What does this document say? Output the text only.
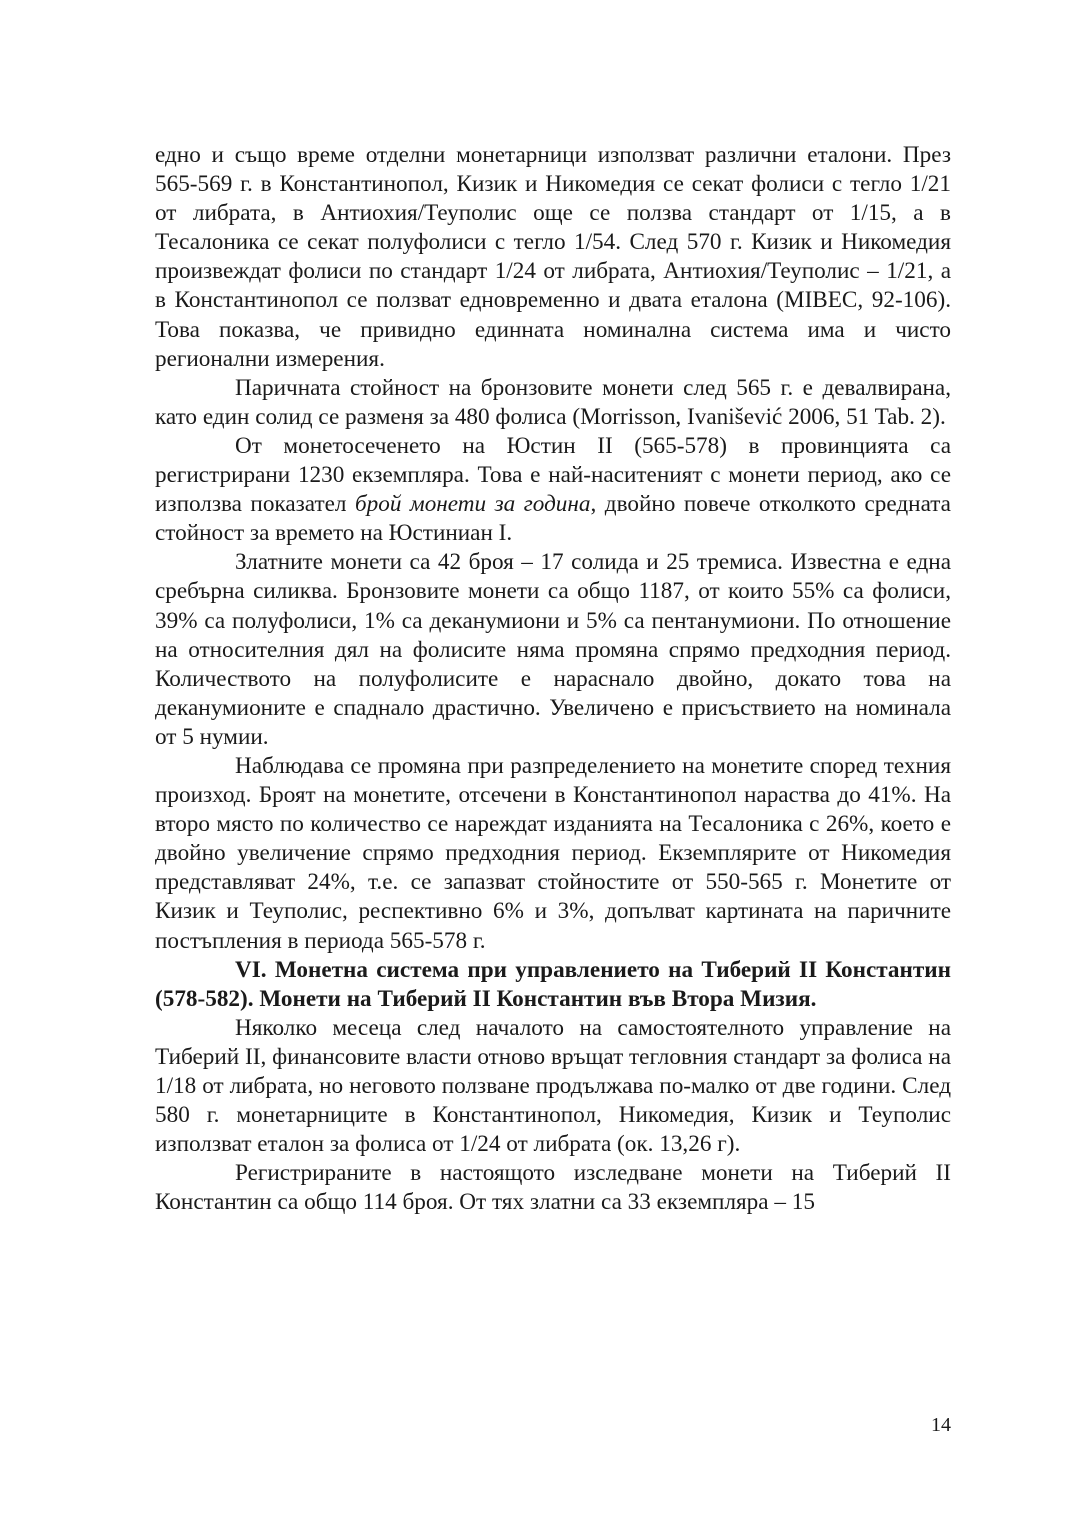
едно и също време отделни монетарници използват различни еталони. През 565-569 г. в Константинопол, Кизик и Никомедия се секат фолиси с тегло 1/21 от либрата, в Антиохия/Теуполис още се ползва стандарт от 1/15, а в Тесалоника се секат полуфолиси с тегло 1/54. След 570 г. Кизик и Никомедия произвеждат фолиси по стандарт 1/24 от либрата, Антиохия/Теуполис – 1/21, а в Константинопол се ползват едновременно и двата еталона (MIBEC, 92-106). Това показва, че привидно единната номинална система има и чисто регионални измерения.

Паричната стойност на бронзовите монети след 565 г. е девалвирана, като един солид се разменя за 480 фолиса (Morrisson, Ivanišević 2006, 51 Tab. 2).

От монетосеченето на Юстин II (565-578) в провинцията са регистрирани 1230 екземпляра. Това е най-наситеният с монети период, ако се използва показател брой монети за година, двойно повече отколкото средната стойност за времето на Юстиниан I.

Златните монети са 42 броя – 17 солида и 25 тремиса. Известна е една сребърна силиква. Бронзовите монети са общо 1187, от които 55% са фолиси, 39% са полуфолиси, 1% са деканумиони и 5% са пентанумиони. По отношение на относителния дял на фолисите няма промяна спрямо предходния период. Количеството на полуфолисите е нараснало двойно, докато това на деканумионите е спаднало драстично. Увеличено е присъствието на номинала от 5 нумии.

Наблюдава се промяна при разпределението на монетите според техния произход. Броят на монетите, отсечени в Константинопол нараства до 41%. На второ място по количество се нареждат изданията на Тесалоника с 26%, което е двойно увеличение спрямо предходния период. Екземплярите от Никомедия представляват 24%, т.е. се запазват стойностите от 550-565 г. Монетите от Кизик и Теуполис, респективно 6% и 3%, допълват картината на паричните постъпления в периода 565-578 г.

VI. Монетна система при управлението на Тиберий II Константин (578-582). Монети на Тиберий II Константин във Втора Мизия.

Няколко месеца след началото на самостоятелното управление на Тиберий II, финансовите власти отново връщат тегловния стандарт за фолиса на 1/18 от либрата, но неговото ползване продължава по-малко от две години. След 580 г. монетарниците в Константинопол, Никомедия, Кизик и Теуполис използват еталон за фолиса от 1/24 от либрата (ок. 13,26 г).

Регистрираните в настоящото изследване монети на Тиберий II Константин са общо 114 броя. От тях златни са 33 екземпляра – 15

14
